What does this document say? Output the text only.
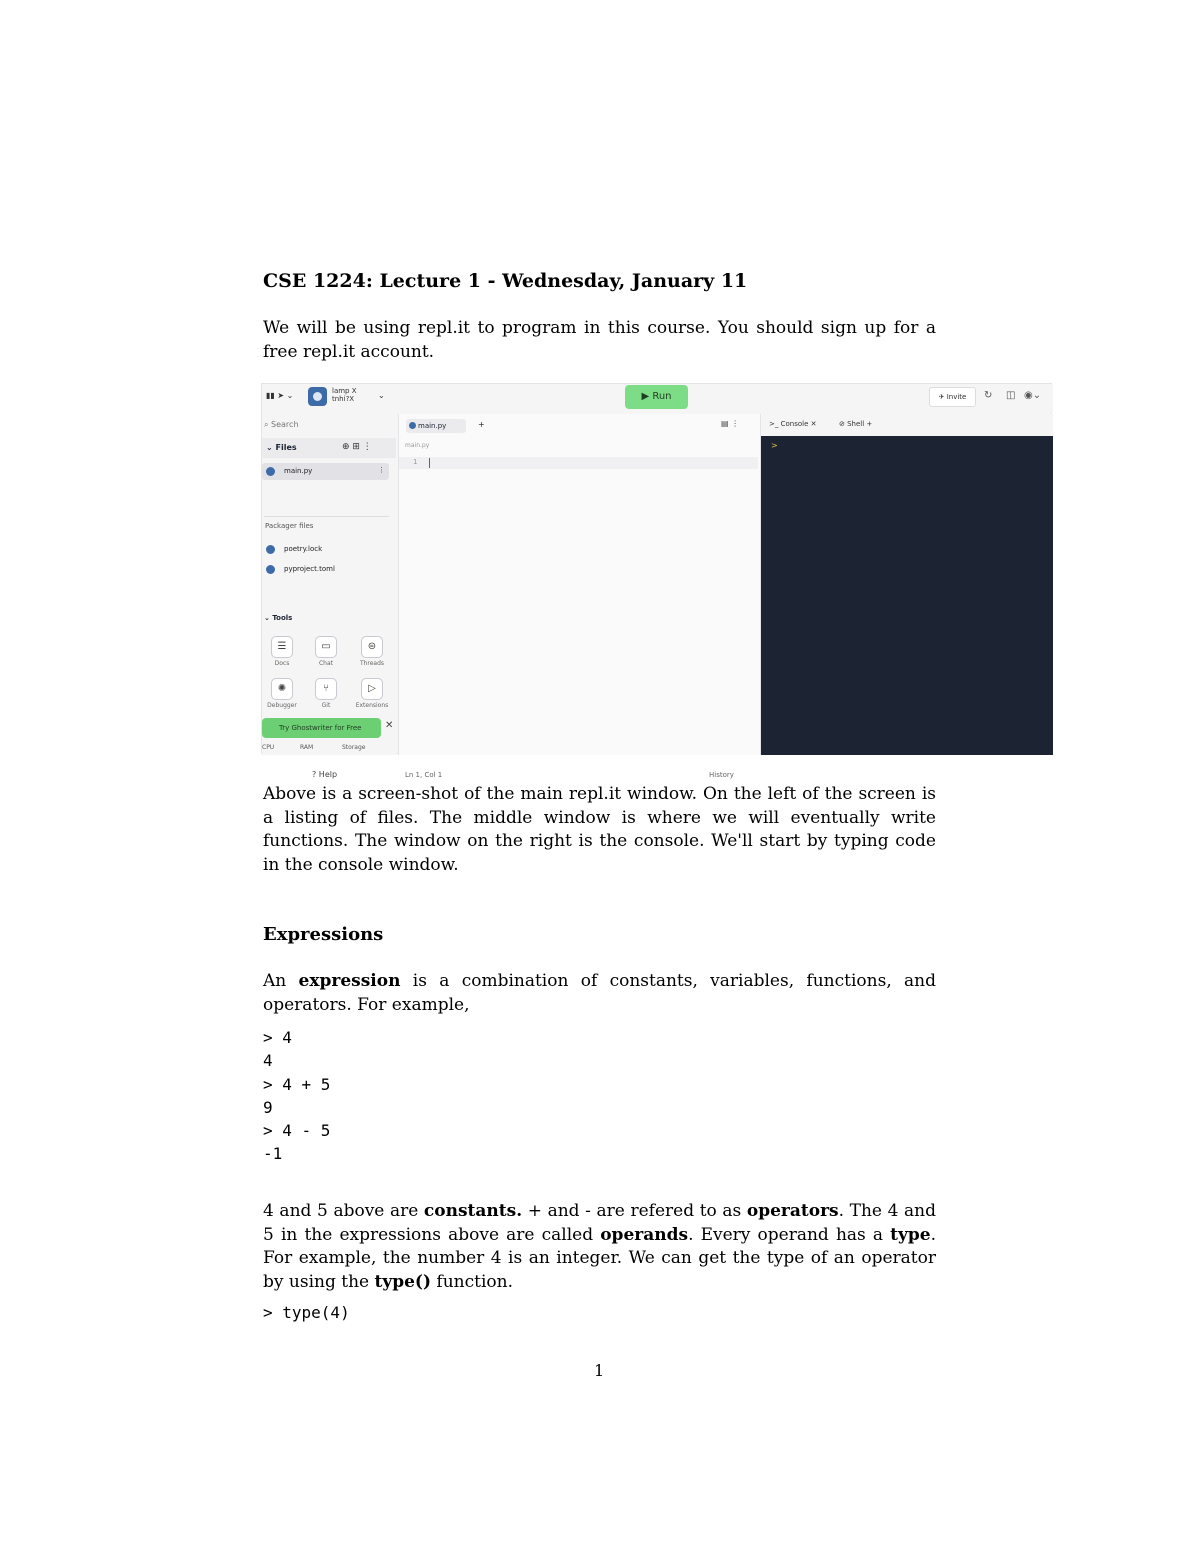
CSE 1224: Lecture 1 - Wednesday, January 11

We will be using repl.it to program in this course. You should sign up for a free repl.it account.

▮▮ ➤ ⌄	lamp X
tnhi?X	⌄	▶ Run	✈ Invite	↻ ◫ ◉⌄
⌕ Search
⌄ Files	⊕ ⊞ ⋮
main.py	⋮
Packager files
poetry.lock
pyproject.toml
⌄ Tools
☰
Docs
▭
Chat
⊜
Threads
✺
Debugger
⑂
Git
▷
Extensions
Try Ghostwriter for Free	✕
CPU	RAM	Storage
? Help
main.py	+	▤ ⋮
main.py
1
Ln 1, Col 1	History
>_ Console ✕	⊘ Shell +
>

Above is a screen-shot of the main repl.it window. On the left of the screen is a listing of files. The middle window is where we will eventually write functions. The window on the right is the console. We'll start by typing code in the console window.

Expressions

An expression is a combination of constants, variables, functions, and operators. For example,

> 4
4
> 4 + 5
9
> 4 - 5
-1

4 and 5 above are constants. + and - are refered to as operators. The 4 and 5 in the expressions above are called operands. Every operand has a type. For example, the number 4 is an integer. We can get the type of an operator by using the type() function.

> type(4)
1
